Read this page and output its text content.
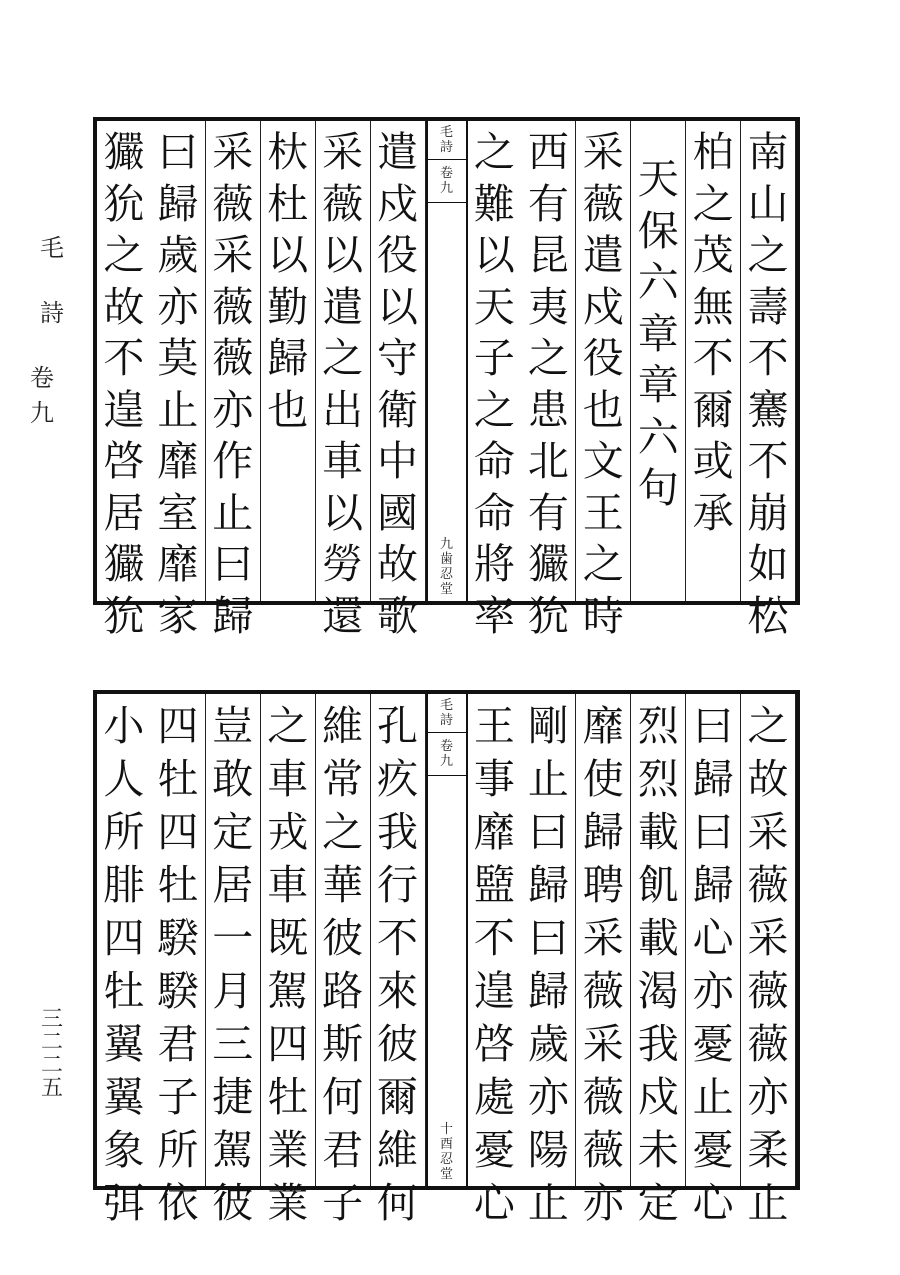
毛
詩
卷九
三
二
二
五
南
山
之
壽
不
騫
不
崩
如
松
柏
之
茂
無
不
爾
或
承
天
保
六
章
章
六
句
采
薇
遣
戍
役
也
文
王
之
時
西
有
昆
夷
之
患
北
有
玁
狁
之
難
以
天
子
之
命
命
將
率
毛
詩
卷
九
九
歯
忍
堂
遣
戍
役
以
守
衛
中
國
故
歌
采
薇
以
遣
之
出
車
以
勞
還
杕
杜
以
勤
歸
也
采
薇
采
薇
薇
亦
作
止
曰
歸
曰
歸
歲
亦
莫
止
靡
室
靡
家
玁
狁
之
故
不
遑
啓
居
玁
狁
之
故
采
薇
采
薇
薇
亦
柔
止
曰
歸
曰
歸
心
亦
憂
止
憂
心
烈
烈
載
飢
載
渴
我
戍
未
定
靡
使
歸
聘
采
薇
采
薇
薇
亦
剛
止
曰
歸
曰
歸
歲
亦
陽
止
王
事
靡
盬
不
遑
啓
處
憂
心
毛
詩
卷
九
十
酉
忍
堂
孔
疚
我
行
不
來
彼
爾
維
何
維
常
之
華
彼
路
斯
何
君
子
之
車
戎
車
既
駕
四
牡
業
業
豈
敢
定
居
一
月
三
捷
駕
彼
四
牡
四
牡
騤
騤
君
子
所
依
小
人
所
腓
四
牡
翼
翼
象
弭
